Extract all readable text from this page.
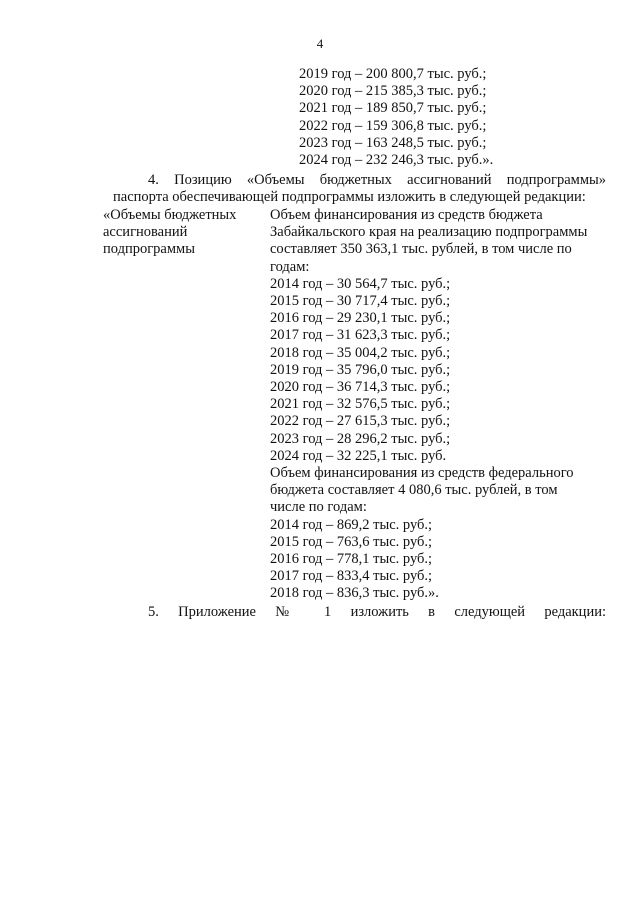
4
2019 год – 200 800,7 тыс. руб.;
2020 год – 215 385,3 тыс. руб.;
2021 год – 189 850,7 тыс. руб.;
2022 год – 159 306,8 тыс. руб.;
2023 год – 163 248,5 тыс. руб.;
2024 год – 232 246,3 тыс. руб.».
4. Позицию «Объемы бюджетных ассигнований подпрограммы»
паспорта обеспечивающей подпрограммы изложить в следующей редакции:
«Объемы бюджетных
ассигнований
подпрограммы
Объем финансирования из средств бюджета
Забайкальского края на реализацию подпрограммы
составляет 350 363,1 тыс. рублей, в том числе по
годам:
2014 год – 30 564,7 тыс. руб.;
2015 год – 30 717,4 тыс. руб.;
2016 год – 29 230,1 тыс. руб.;
2017 год – 31 623,3 тыс. руб.;
2018 год – 35 004,2 тыс. руб.;
2019 год – 35 796,0 тыс. руб.;
2020 год – 36 714,3 тыс. руб.;
2021 год – 32 576,5 тыс. руб.;
2022 год – 27 615,3 тыс. руб.;
2023 год – 28 296,2 тыс. руб.;
2024 год – 32 225,1 тыс. руб.
Объем финансирования из средств федерального
бюджета составляет 4 080,6 тыс. рублей, в том
числе по годам:
2014 год – 869,2 тыс. руб.;
2015 год – 763,6 тыс. руб.;
2016 год – 778,1 тыс. руб.;
2017 год – 833,4 тыс. руб.;
2018 год – 836,3 тыс. руб.».
5. Приложение № 1 изложить в следующей редакции:
